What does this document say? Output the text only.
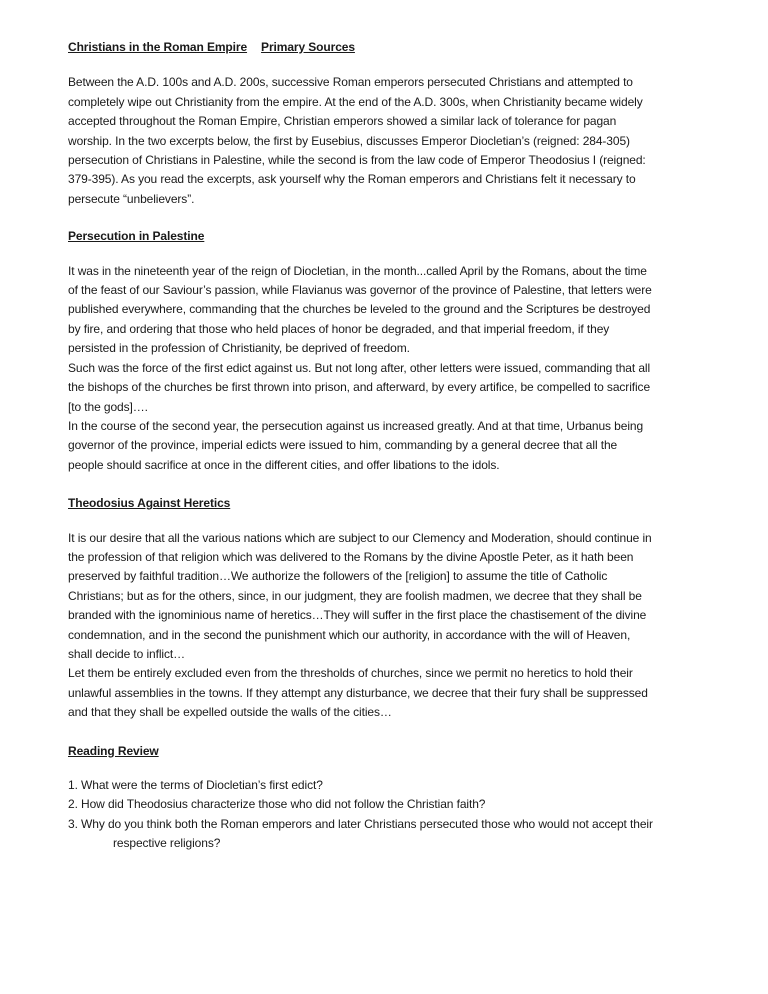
Christians in the Roman Empire Primary Sources

Between the A.D. 100s and A.D. 200s, successive Roman emperors persecuted Christians and attempted to completely wipe out Christianity from the empire. At the end of the A.D. 300s, when Christianity became widely accepted throughout the Roman Empire, Christian emperors showed a similar lack of tolerance for pagan worship. In the two excerpts below, the first by Eusebius, discusses Emperor Diocletian’s (reigned: 284-305) persecution of Christians in Palestine, while the second is from the law code of Emperor Theodosius I (reigned: 379-395). As you read the excerpts, ask yourself why the Roman emperors and Christians felt it necessary to persecute “unbelievers”.

Persecution in Palestine

It was in the nineteenth year of the reign of Diocletian, in the month...called April by the Romans, about the time of the feast of our Saviour’s passion, while Flavianus was governor of the province of Palestine, that letters were published everywhere, commanding that the churches be leveled to the ground and the Scriptures be destroyed by fire, and ordering that those who held places of honor be degraded, and that imperial freedom, if they persisted in the profession of Christianity, be deprived of freedom.

Such was the force of the first edict against us. But not long after, other letters were issued, commanding that all the bishops of the churches be first thrown into prison, and afterward, by every artifice, be compelled to sacrifice [to the gods]….

In the course of the second year, the persecution against us increased greatly. And at that time, Urbanus being governor of the province, imperial edicts were issued to him, commanding by a general decree that all the people should sacrifice at once in the different cities, and offer libations to the idols.

Theodosius Against Heretics

It is our desire that all the various nations which are subject to our Clemency and Moderation, should continue in the profession of that religion which was delivered to the Romans by the divine Apostle Peter, as it hath been preserved by faithful tradition…We authorize the followers of the [religion] to assume the title of Catholic Christians; but as for the others, since, in our judgment, they are foolish madmen, we decree that they shall be branded with the ignominious name of heretics…They will suffer in the first place the chastisement of the divine condemnation, and in the second the punishment which our authority, in accordance with the will of Heaven, shall decide to inflict…

Let them be entirely excluded even from the thresholds of churches, since we permit no heretics to hold their unlawful assemblies in the towns. If they attempt any disturbance, we decree that their fury shall be suppressed and that they shall be expelled outside the walls of the cities…

Reading Review

1. What were the terms of Diocletian’s first edict?

2. How did Theodosius characterize those who did not follow the Christian faith?

3. Why do you think both the Roman emperors and later Christians persecuted those who would not accept their respective religions?
